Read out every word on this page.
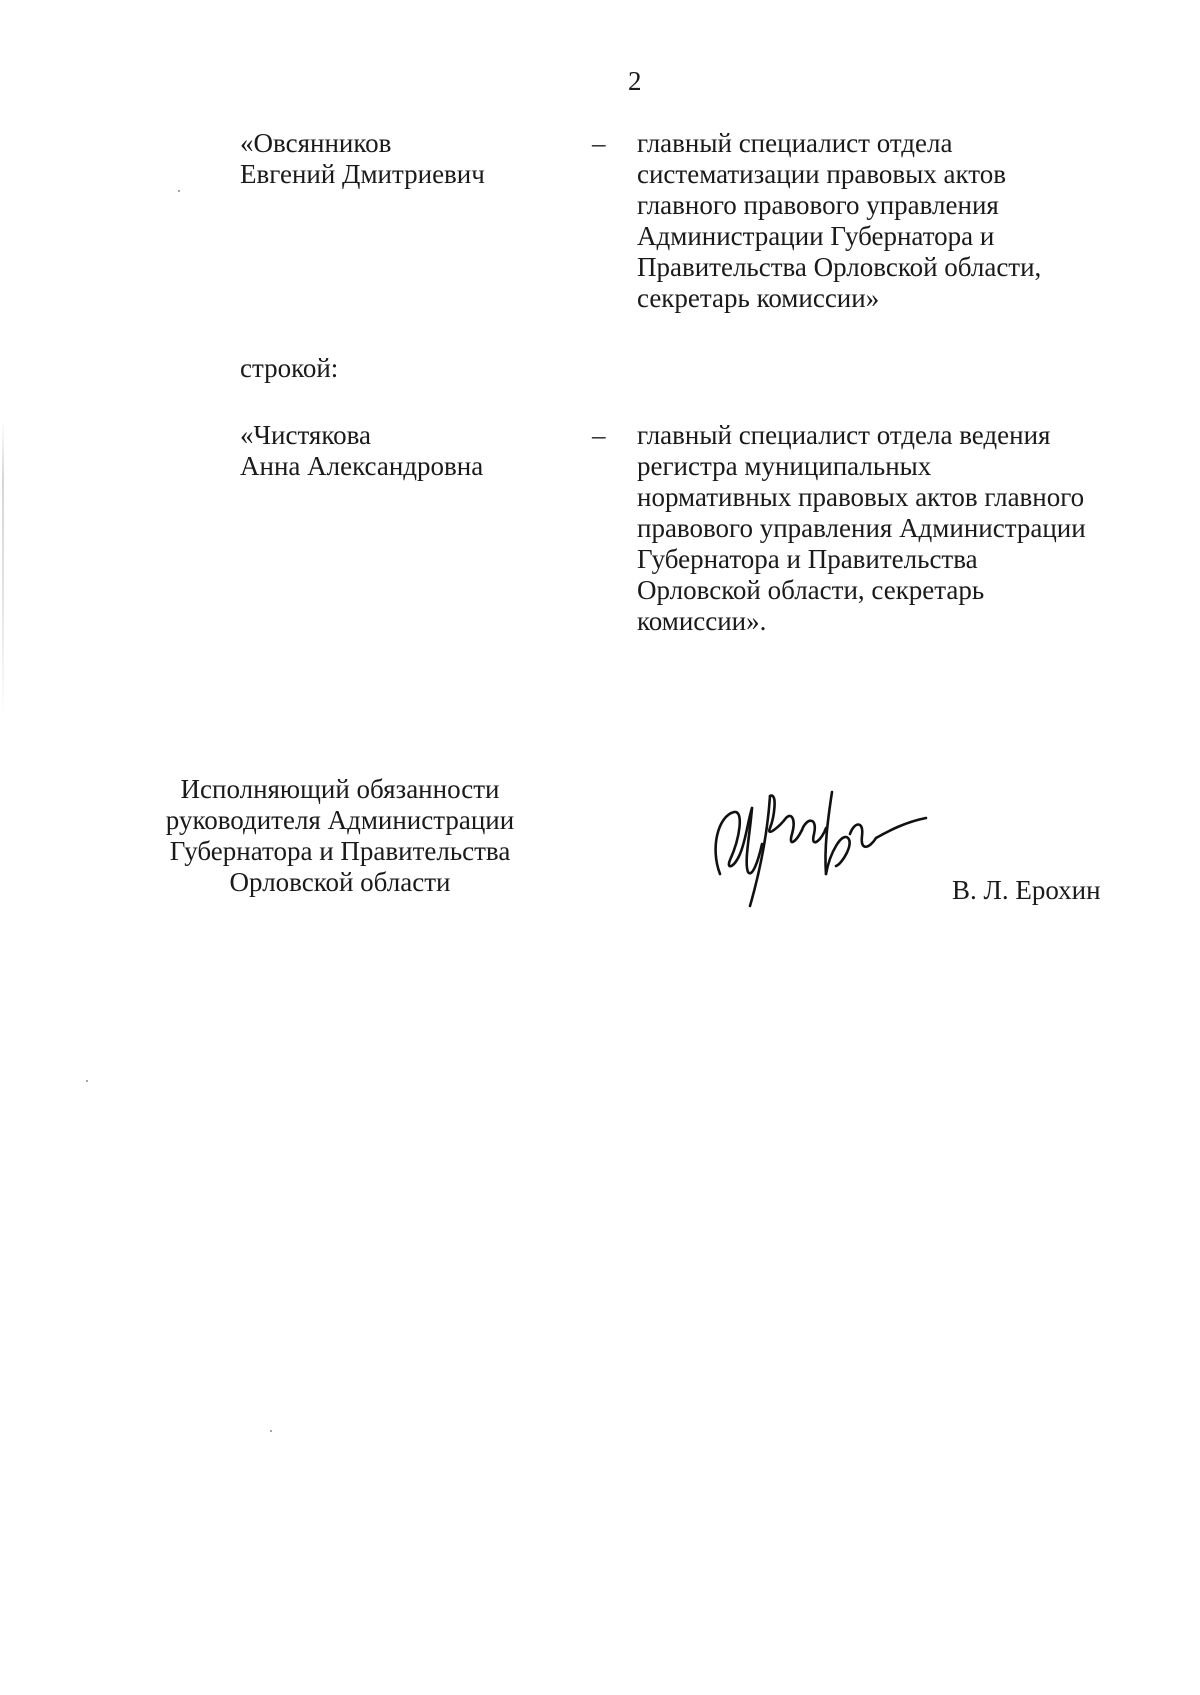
2
«Овсянников
Евгений Дмитриевич
–	главный специалист отдела
систематизации правовых актов
главного правового управления
Администрации Губернатора и
Правительства Орловской области,
секретарь комиссии»
строкой:
«Чистякова
Анна Александровна
–	главный специалист отдела ведения
регистра муниципальных
нормативных правовых актов главного
правового управления Администрации
Губернатора и Правительства
Орловской области, секретарь
комиссии».
Исполняющий обязанности
руководителя Администрации
Губернатора и Правительства
Орловской области	В. Л. Ерохин
